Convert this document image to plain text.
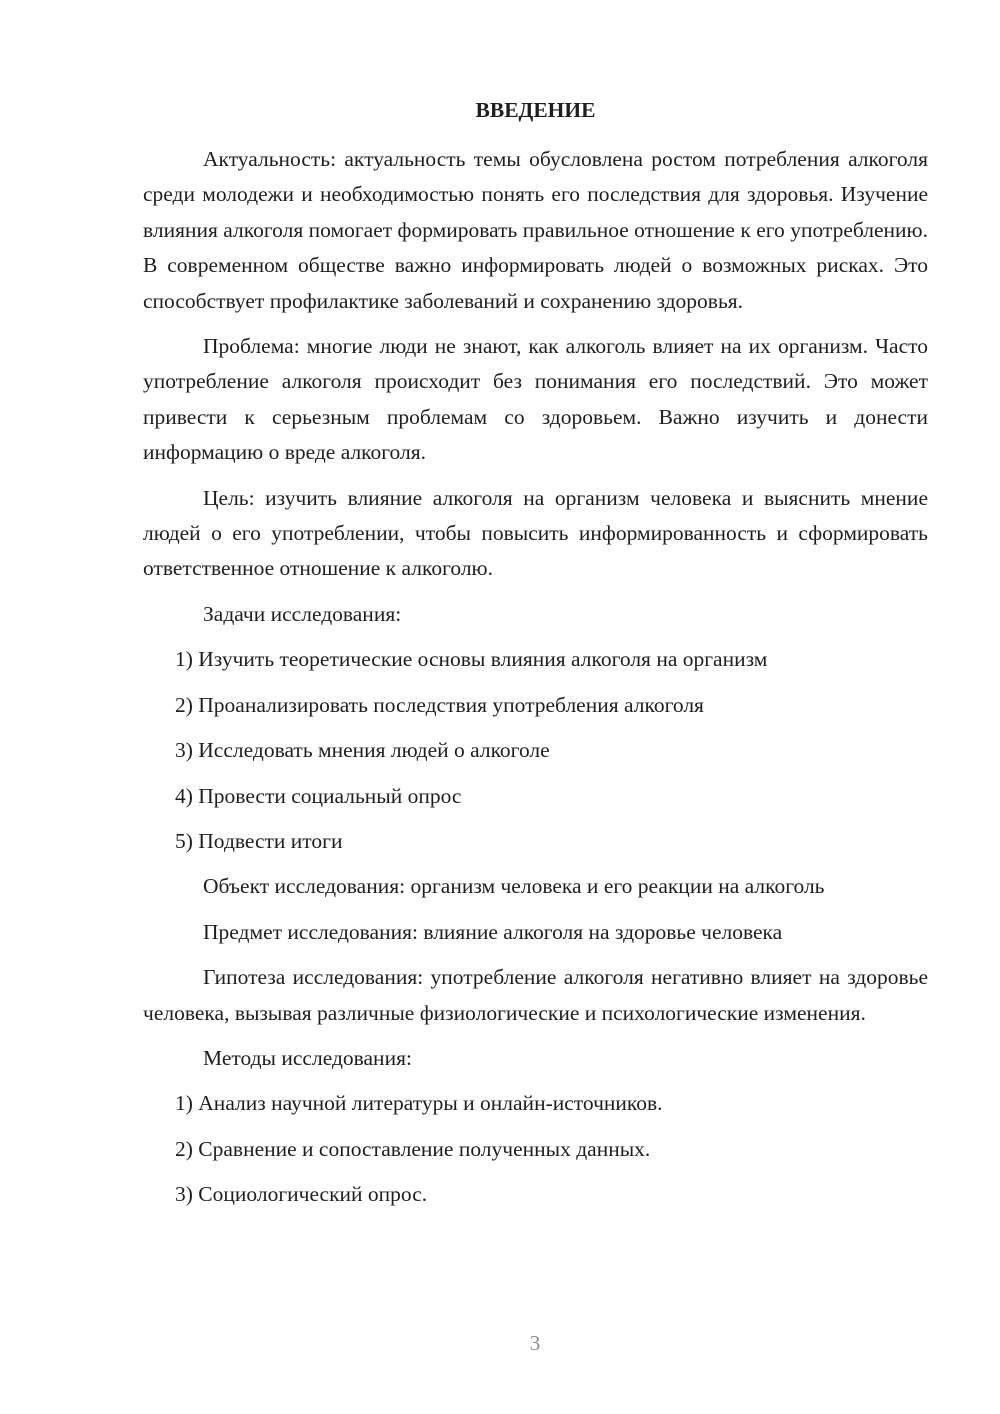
ВВЕДЕНИЕ

Актуальность: актуальность темы обусловлена ростом потребления алкоголя среди молодежи и необходимостью понять его последствия для здоровья. Изучение влияния алкоголя помогает формировать правильное отношение к его употреблению. В современном обществе важно информировать людей о возможных рисках. Это способствует профилактике заболеваний и сохранению здоровья.

Проблема: многие люди не знают, как алкоголь влияет на их организм. Часто употребление алкоголя происходит без понимания его последствий. Это может привести к серьезным проблемам со здоровьем. Важно изучить и донести информацию о вреде алкоголя.

Цель: изучить влияние алкоголя на организм человека и выяснить мнение людей о его употреблении, чтобы повысить информированность и сформировать ответственное отношение к алкоголю.

Задачи исследования:

1) Изучить теоретические основы влияния алкоголя на организм

2) Проанализировать последствия употребления алкоголя

3) Исследовать мнения людей о алкоголе

4) Провести социальный опрос

5) Подвести итоги

Объект исследования: организм человека и его реакции на алкоголь

Предмет исследования: влияние алкоголя на здоровье человека

Гипотеза исследования: употребление алкоголя негативно влияет на здоровье человека, вызывая различные физиологические и психологические изменения.

Методы исследования:

1) Анализ научной литературы и онлайн-источников.

2) Сравнение и сопоставление полученных данных.

3) Социологический опрос.

3
